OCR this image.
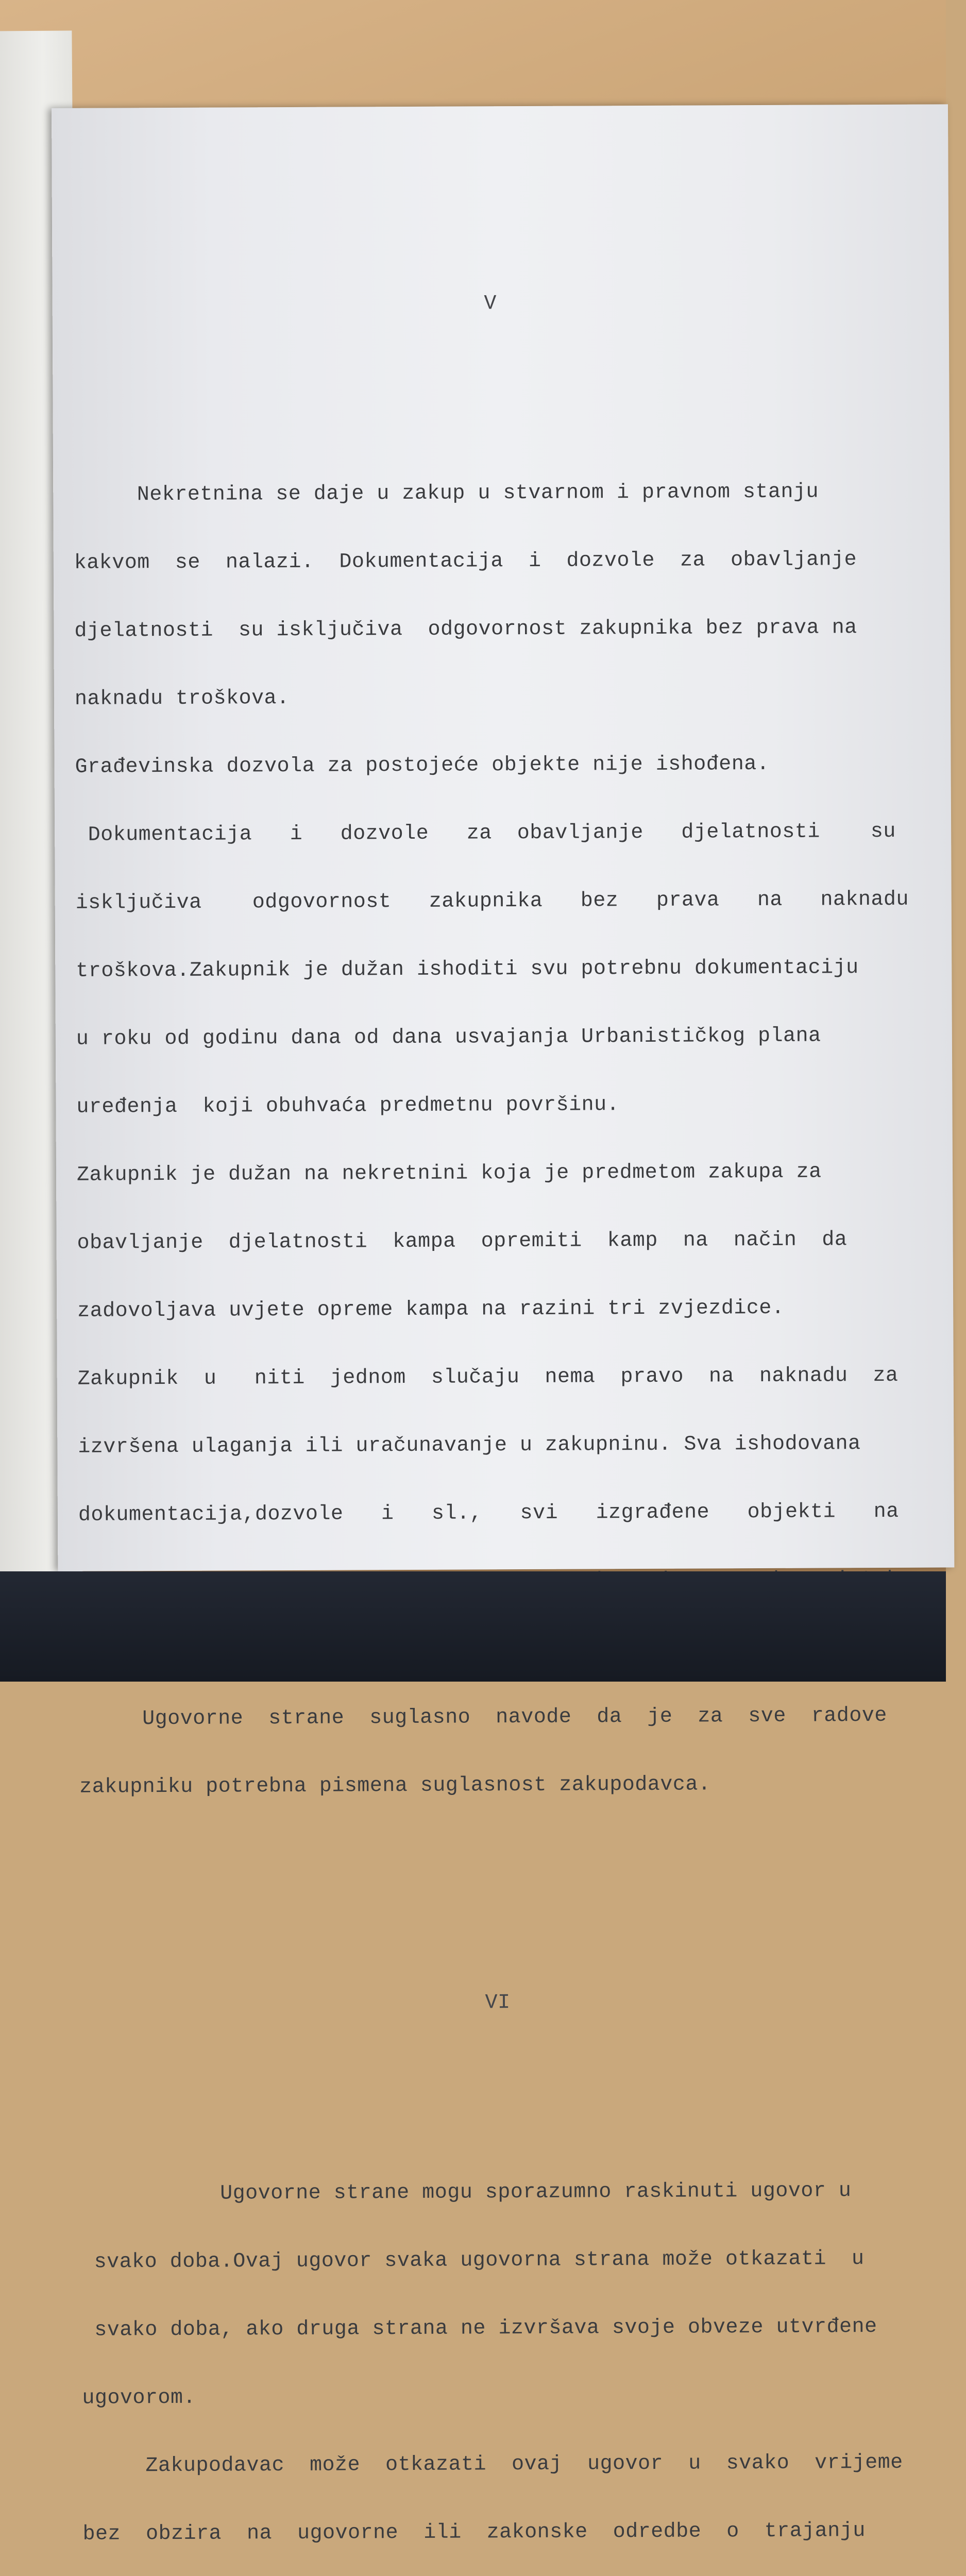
V

Nekretnina se daje u zakup u stvarnom i pravnom stanju

kakvom  se  nalazi.  Dokumentacija  i  dozvole  za  obavljanje

djelatnosti  su isključiva  odgovornost zakupnika bez prava na

naknadu troškova.

Građevinska dozvola za postojeće objekte nije ishođena.

Dokumentacija   i   dozvole   za  obavljanje   djelatnosti    su

isključiva    odgovornost   zakupnika   bez   prava   na   naknadu

troškova.Zakupnik je dužan ishoditi svu potrebnu dokumentaciju

u roku od godinu dana od dana usvajanja Urbanističkog plana

uređenja  koji obuhvaća predmetnu površinu.

Zakupnik je dužan na nekretnini koja je predmetom zakupa za

obavljanje  djelatnosti  kampa  opremiti  kamp  na  način  da

zadovoljava uvjete opreme kampa na razini tri zvjezdice.

Zakupnik  u   niti  jednom  slučaju  nema  pravo  na  naknadu  za

izvršena ulaganja ili uračunavanje u zakupninu. Sva ishodovana

dokumentacija,dozvole   i   sl.,   svi   izgrađene   objekti   na

Ugovorne  strane  suglasno  navode  da  je  za  sve  radove

zakupniku potrebna pismena suglasnost zakupodavca.

VI

Ugovorne strane mogu sporazumno raskinuti ugovor u

svako doba.Ovaj ugovor svaka ugovorna strana može otkazati  u

svako doba, ako druga strana ne izvršava svoje obveze utvrđene

ugovorom.

Zakupodavac  može  otkazati  ovaj  ugovor  u  svako  vrijeme

bez  obzira  na  ugovorne  ili  zakonske  odredbe  o  trajanju
